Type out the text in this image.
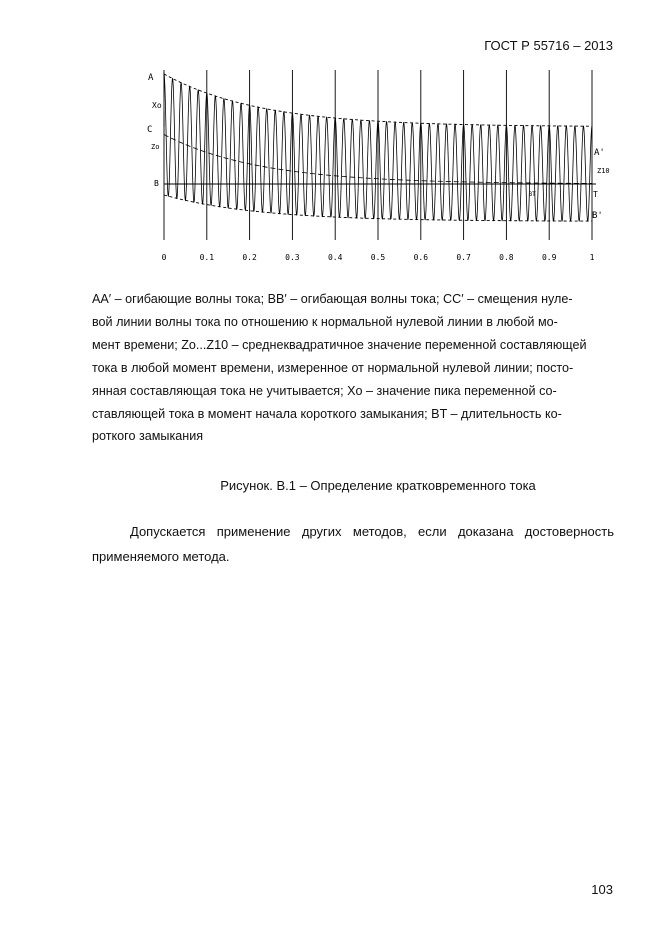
ГОСТ Р 55716 – 2013
A
Xo
C
Zo
B
A'
Z10
T
B'
0	0.1	0.2	0.3	0.4	0.5	0.6	0.7	0.8	0.9	1
BT
AA′ – огибающие волны тока; BB′ – огибающая волны тока; CC′ – смещения нуле-
вой линии волны тока по отношению к нормальной нулевой линии в любой мо-
мент времени; Zo...Z10 – среднеквадратичное значение переменной составляющей
тока в любой момент времени, измеренное от нормальной нулевой линии; посто-
янная составляющая тока не учитывается; Xo – значение пика переменной со-
ставляющей тока в момент начала короткого замыкания; BT – длительность ко-
роткого замыкания
Рисунок. В.1 – Определение кратковременного тока
Допускается применение других методов, если доказана достоверность применяемого метода.
103
